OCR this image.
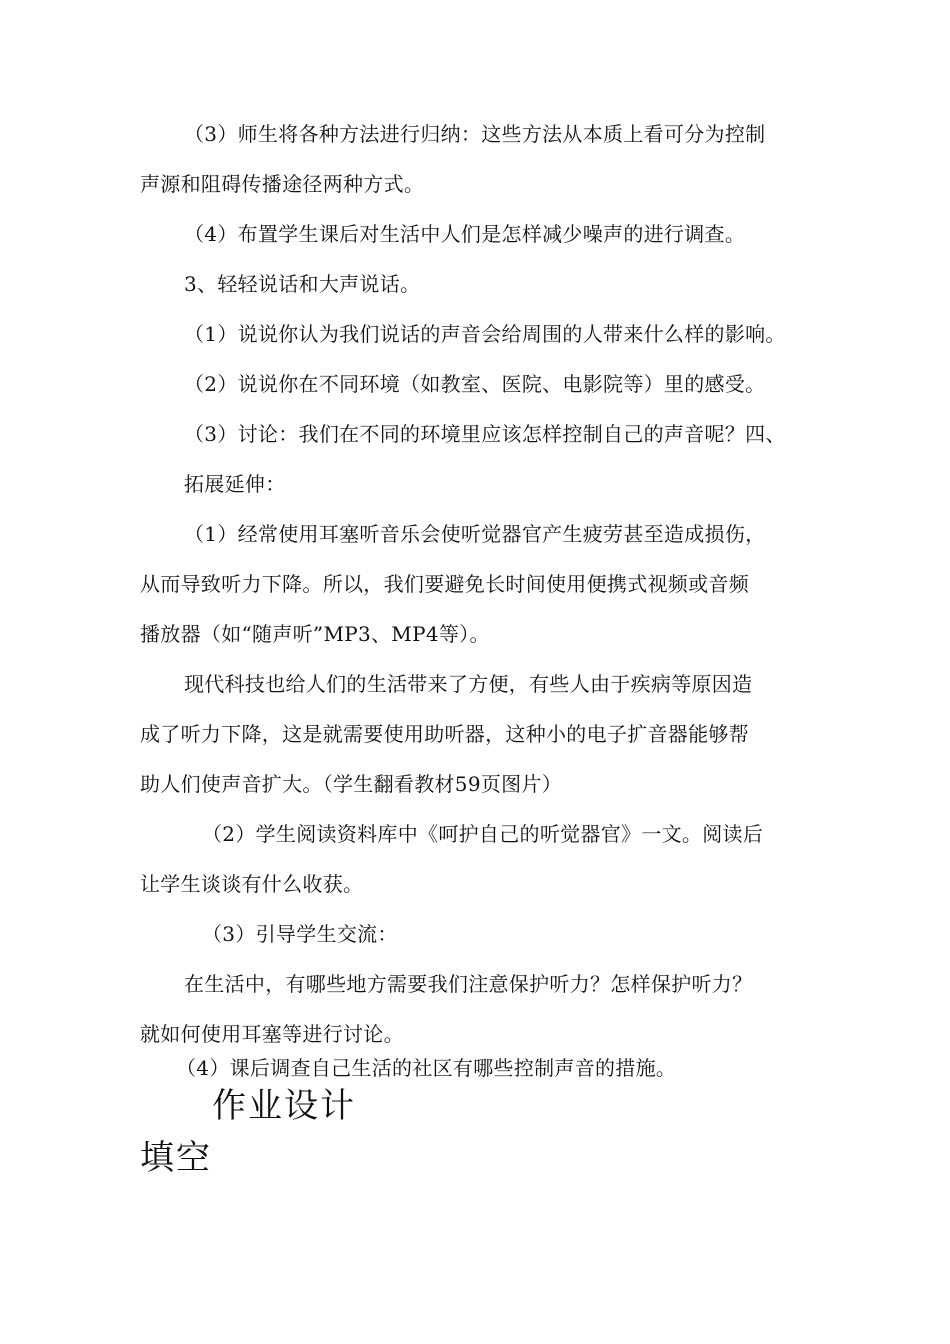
（3）师生将各种方法进行归纳：这些方法从本质上看可分为控制
声源和阻碍传播途径两种方式。
（4）布置学生课后对生活中人们是怎样减少噪声的进行调查。
3、轻轻说话和大声说话。
（1）说说你认为我们说话的声音会给周围的人带来什么样的影响。
（2）说说你在不同环境（如教室、医院、电影院等）里的感受。
（3）讨论：我们在不同的环境里应该怎样控制自己的声音呢？四、
拓展延伸：
（1）经常使用耳塞听音乐会使听觉器官产生疲劳甚至造成损伤，
从而导致听力下降。所以，我们要避免长时间使用便携式视频或音频
播放器（如“随声听”MP3、MP4等）。
现代科技也给人们的生活带来了方便，有些人由于疾病等原因造
成了听力下降，这是就需要使用助听器，这种小的电子扩音器能够帮
助人们使声音扩大。（学生翻看教材59页图片）
（2）学生阅读资料库中《呵护自己的听觉器官》一文。阅读后
让学生谈谈有什么收获。
（3）引导学生交流：
在生活中，有哪些地方需要我们注意保护听力？怎样保护听力？
就如何使用耳塞等进行讨论。
（4）课后调查自己生活的社区有哪些控制声音的措施。
作业设计
填空
